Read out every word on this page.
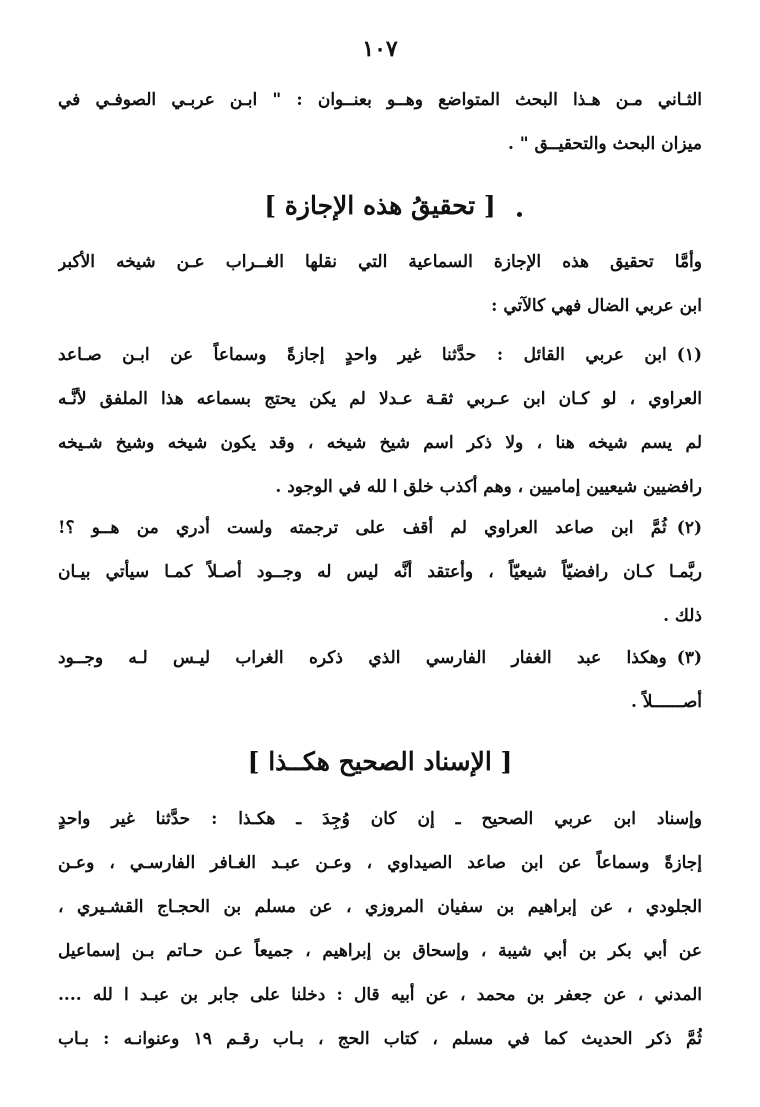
١٠٧
الثـاني مـن هـذا البحث المتواضع وهــو بعنــوان : " ابـن عربـي الصوفـي في
ميزان البحث والتحقيــق " .
[ تحقيقُ هذه الإجازة ]
وأمَّا تحقيق هذه الإجازة السماعية التي نقلها الغــراب عـن شيخه الأكبر
ابن عربي الضال فهي كالآتي :
(١)ابن عربي القائل : حدَّثنا غير واحدٍ إجازةً وسماعاً عن ابـن صـاعد
العراوي ، لو كـان ابن عـربي ثقـة عـدلا لم يكن يحتج بسماعه هذا الملفق لأنَّـه
لم يسم شيخه هنا ، ولا ذكر اسم شيخ شيخه ، وقد يكون شيخه وشيخ شـيخه
رافضيين شيعيين إماميين ، وهم أكذب خلق ا لله في الوجود .
(٢)ثُمَّ ابن صاعد العراوي لم أقف على ترجمته ولست أدري من هــو ؟!
ربَّمـا كـان رافضيّاً شيعيّاً ، وأعتقد أنَّه ليس له وجــود أصـلاً كمـا سيأتي بيـان
ذلك .
(٣)وهكذا عبد الغفار الفارسي الذي ذكره الغراب ليـس لـه وجــود
أصــــــلاً .
[ الإسناد الصحيح هكــذا ]
وإسناد ابن عربي الصحيح ـ إن كان وُجِدَ ـ هكـذا : حدَّثنا غير واحدٍ
إجازةً وسماعاً عن ابن صاعد الصيداوي ، وعـن عبـد الغـافر الفارسـي ، وعـن
الجلودي ، عن إبراهيم بن سفيان المروزي ، عن مسلم بن الحجـاج القشـيري ،
عن أبي بكر بن أبي شيبة ، وإسحاق بن إبراهيم ، جميعاً عـن حـاتم بـن إسماعيل
المدني ، عن جعفر بن محمد ، عن أبيه قال : دخلنا على جابر بن عبـد ا لله ....
ثُمَّ ذكر الحديث كما في مسلم ، كتاب الحج ، بـاب رقـم ١٩ وعنوانـه : بـاب
